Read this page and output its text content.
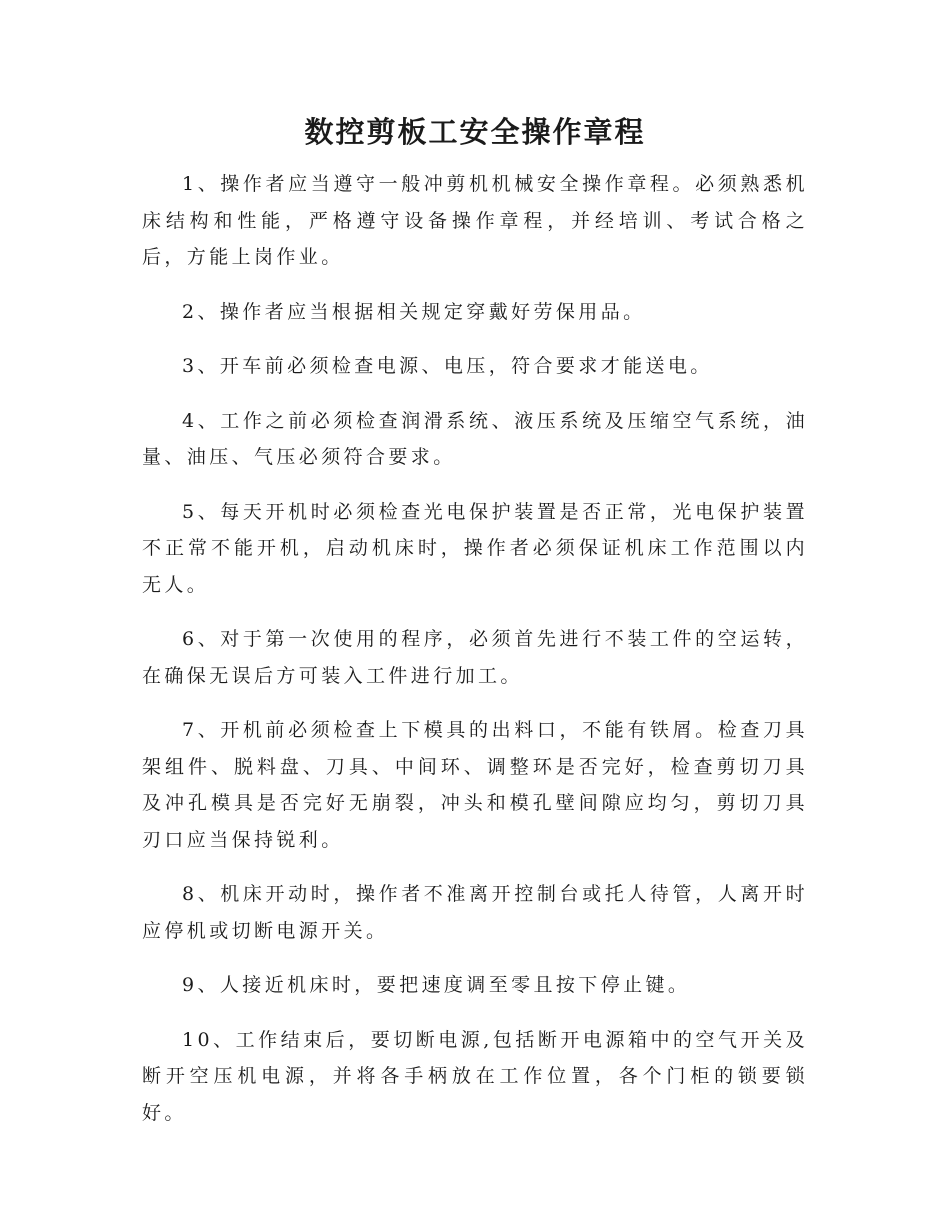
数控剪板工安全操作章程

1、操作者应当遵守一般冲剪机机械安全操作章程。必须熟悉机床结构和性能，严格遵守设备操作章程，并经培训、考试合格之后，方能上岗作业。

2、操作者应当根据相关规定穿戴好劳保用品。

3、开车前必须检查电源、电压，符合要求才能送电。

4、工作之前必须检查润滑系统、液压系统及压缩空气系统，油量、油压、气压必须符合要求。

5、每天开机时必须检查光电保护装置是否正常，光电保护装置不正常不能开机，启动机床时，操作者必须保证机床工作范围以内无人。

6、对于第一次使用的程序，必须首先进行不装工件的空运转，在确保无误后方可装入工件进行加工。

7、开机前必须检查上下模具的出料口，不能有铁屑。检查刀具架组件、脱料盘、刀具、中间环、调整环是否完好，检查剪切刀具及冲孔模具是否完好无崩裂，冲头和模孔壁间隙应均匀，剪切刀具刃口应当保持锐利。

8、机床开动时，操作者不准离开控制台或托人待管，人离开时应停机或切断电源开关。

9、人接近机床时，要把速度调至零且按下停止键。

10、工作结束后，要切断电源,包括断开电源箱中的空气开关及断开空压机电源，并将各手柄放在工作位置，各个门柜的锁要锁好。
